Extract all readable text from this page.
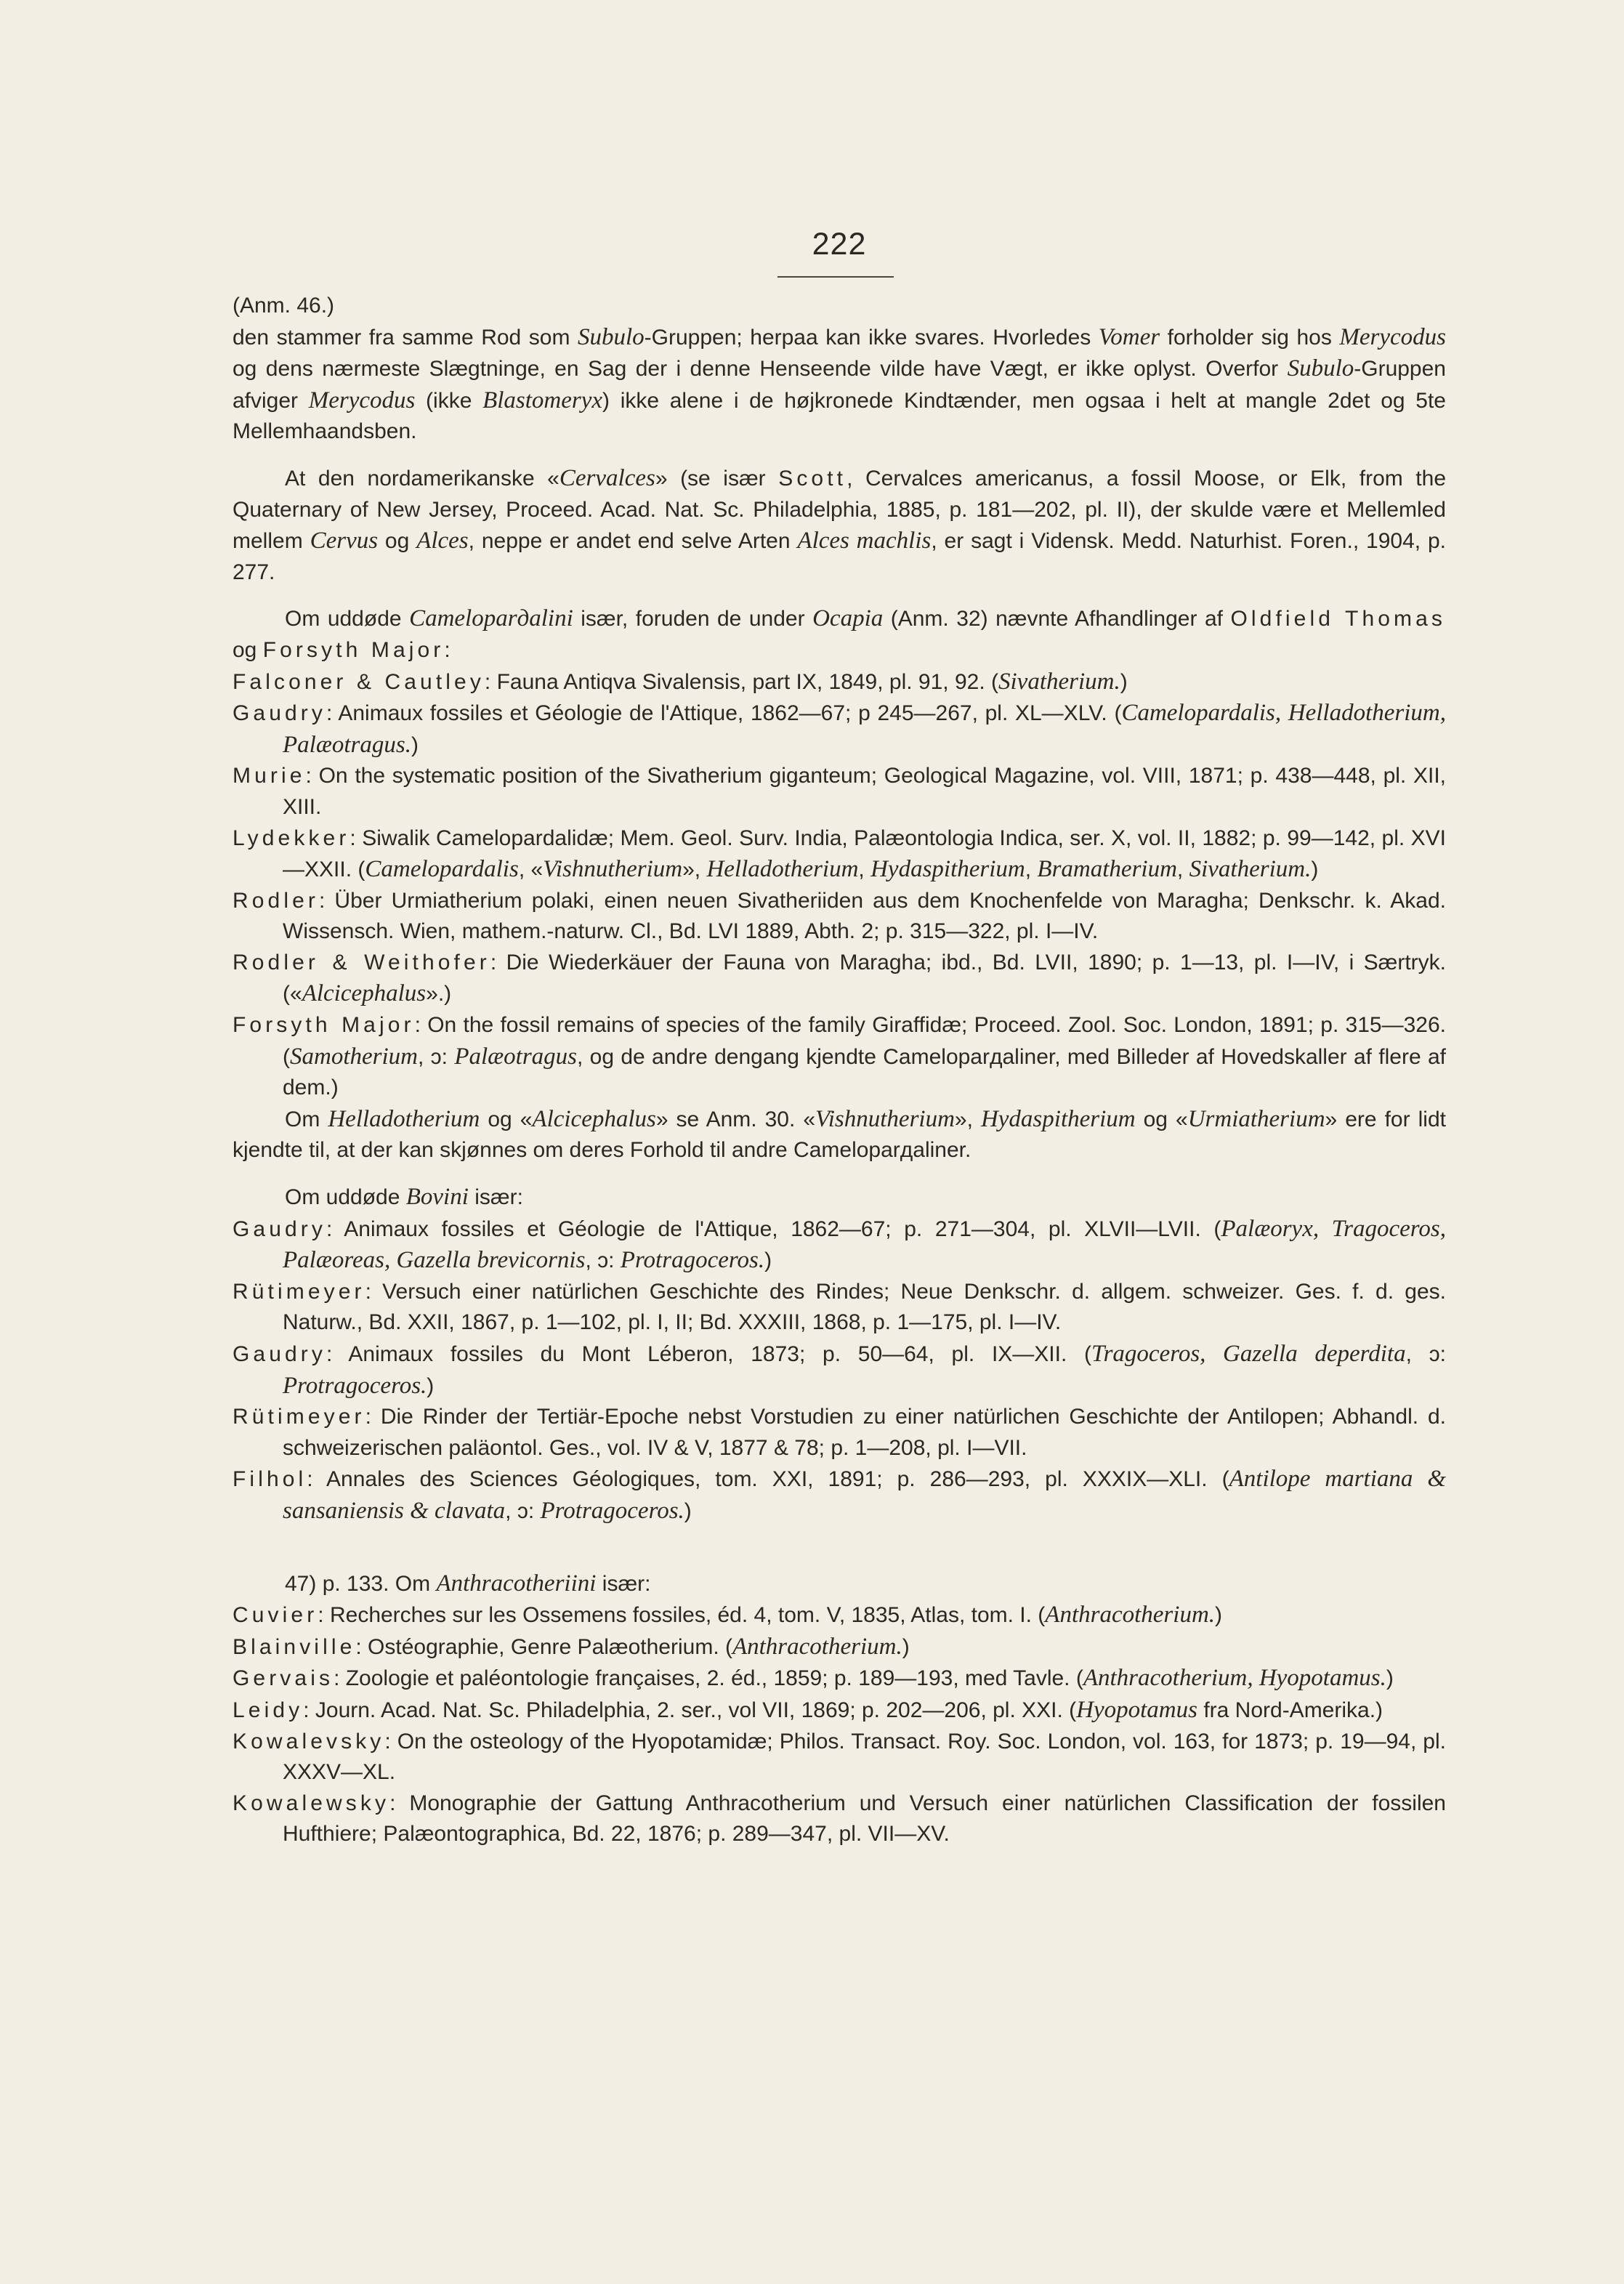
222

(Anm. 46.)

den stammer fra samme Rod som Subulo-Gruppen; herpaa kan ikke svares. Hvorledes Vomer forholder sig hos Merycodus og dens nærmeste Slægtninge, en Sag der i denne Henseende vilde have Vægt, er ikke oplyst. Overfor Subulo-Gruppen afviger Merycodus (ikke Blastomeryx) ikke alene i de højkronede Kindtænder, men ogsaa i helt at mangle 2det og 5te Mellemhaandsben.

At den nordamerikanske «Cervalces» (se især Scott, Cervalces americanus, a fossil Moose, or Elk, from the Quaternary of New Jersey, Proceed. Acad. Nat. Sc. Philadelphia, 1885, p. 181—202, pl. II), der skulde være et Mellemled mellem Cervus og Alces, neppe er andet end selve Arten Alces machlis, er sagt i Vidensk. Medd. Naturhist. Foren., 1904, p. 277.

Om uddøde Cameloparдalini især, foruden de under Ocapia (Anm. 32) nævnte Afhandlinger af Oldfield Thomas og Forsyth Major:

Falconer & Cautley: Fauna Antiqva Sivalensis, part IX, 1849, pl. 91, 92. (Sivatherium.)

Gaudry: Animaux fossiles et Géologie de l'Attique, 1862—67; p 245—267, pl. XL—XLV. (Camelopardalis, Helladotherium, Palæotragus.)

Murie: On the systematic position of the Sivatherium giganteum; Geological Magazine, vol. VIII, 1871; p. 438—448, pl. XII, XIII.

Lydekker: Siwalik Camelopardalidæ; Mem. Geol. Surv. India, Palæontologia Indica, ser. X, vol. II, 1882; p. 99—142, pl. XVI—XXII. (Camelopardalis, «Vishnutherium», Helladotherium, Hydaspitherium, Bramatherium, Sivatherium.)

Rodler: Über Urmiatherium polaki, einen neuen Sivatheriiden aus dem Knochenfelde von Maragha; Denkschr. k. Akad. Wissensch. Wien, mathem.-naturw. Cl., Bd. LVI 1889, Abth. 2; p. 315—322, pl. I—IV.

Rodler & Weithofer: Die Wiederkäuer der Fauna von Maragha; ibd., Bd. LVII, 1890; p. 1—13, pl. I—IV, i Særtryk. («Alcicephalus».)

Forsyth Major: On the fossil remains of species of the family Giraffidæ; Proceed. Zool. Soc. London, 1891; p. 315—326. (Samotherium, ɔ: Palæotragus, og de andre dengang kjendte Cameloparдaliner, med Billeder af Hovedskaller af flere af dem.)

Om Helladotherium og «Alcicephalus» se Anm. 30. «Vishnutherium», Hydaspitherium og «Urmiatherium» ere for lidt kjendte til, at der kan skjønnes om deres Forhold til andre Cameloparдaliner.

Om uddøde Bovini især:

Gaudry: Animaux fossiles et Géologie de l'Attique, 1862—67; p. 271—304, pl. XLVII—LVII. (Palæoryx, Tragoceros, Palæoreas, Gazella brevicornis, ɔ: Protragoceros.)

Rütimeyer: Versuch einer natürlichen Geschichte des Rindes; Neue Denkschr. d. allgem. schweizer. Ges. f. d. ges. Naturw., Bd. XXII, 1867, p. 1—102, pl. I, II; Bd. XXXIII, 1868, p. 1—175, pl. I—IV.

Gaudry: Animaux fossiles du Mont Léberon, 1873; p. 50—64, pl. IX—XII. (Tragoceros, Gazella deperdita, ɔ: Protragoceros.)

Rütimeyer: Die Rinder der Tertiär-Epoche nebst Vorstudien zu einer natürlichen Geschichte der Antilopen; Abhandl. d. schweizerischen paläontol. Ges., vol. IV & V, 1877 & 78; p. 1—208, pl. I—VII.

Filhol: Annales des Sciences Géologiques, tom. XXI, 1891; p. 286—293, pl. XXXIX—XLI. (Antilope martiana & sansaniensis & clavata, ɔ: Protragoceros.)

47) p. 133. Om Anthracotheriini især:

Cuvier: Recherches sur les Ossemens fossiles, éd. 4, tom. V, 1835, Atlas, tom. I. (Anthracotherium.)

Blainville: Ostéographie, Genre Palæotherium. (Anthracotherium.)

Gervais: Zoologie et paléontologie françaises, 2. éd., 1859; p. 189—193, med Tavle. (Anthracotherium, Hyopotamus.)

Leidy: Journ. Acad. Nat. Sc. Philadelphia, 2. ser., vol VII, 1869; p. 202—206, pl. XXI. (Hyopotamus fra Nord-Amerika.)

Kowalevsky: On the osteology of the Hyopotamidæ; Philos. Transact. Roy. Soc. London, vol. 163, for 1873; p. 19—94, pl. XXXV—XL.

Kowalewsky: Monographie der Gattung Anthracotherium und Versuch einer natürlichen Classification der fossilen Hufthiere; Palæontographica, Bd. 22, 1876; p. 289—347, pl. VII—XV.
